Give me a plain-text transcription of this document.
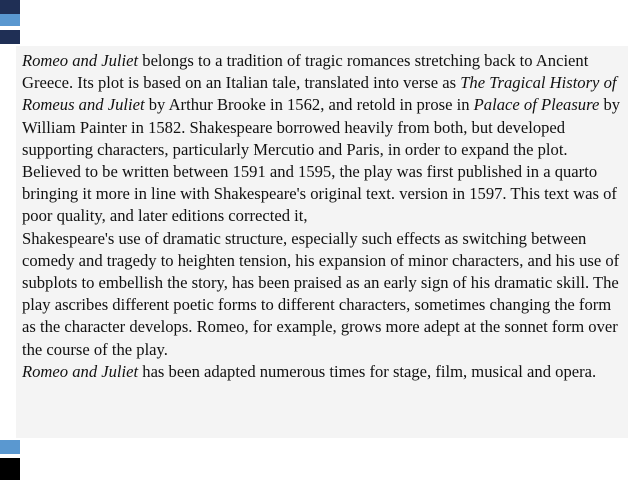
Romeo and Juliet belongs to a tradition of tragic romances stretching back to Ancient Greece. Its plot is based on an Italian tale, translated into verse as The Tragical History of Romeus and Juliet by Arthur Brooke in 1562, and retold in prose in Palace of Pleasure by William Painter in 1582. Shakespeare borrowed heavily from both, but developed supporting characters, particularly Mercutio and Paris, in order to expand the plot. Believed to be written between 1591 and 1595, the play was first published in a quarto bringing it more in line with Shakespeare's original text. version in 1597. This text was of poor quality, and later editions corrected it,

Shakespeare's use of dramatic structure, especially such effects as switching between comedy and tragedy to heighten tension, his expansion of minor characters, and his use of subplots to embellish the story, has been praised as an early sign of his dramatic skill. The play ascribes different poetic forms to different characters, sometimes changing the form as the character develops. Romeo, for example, grows more adept at the sonnet form over the course of the play.

Romeo and Juliet has been adapted numerous times for stage, film, musical and opera.
